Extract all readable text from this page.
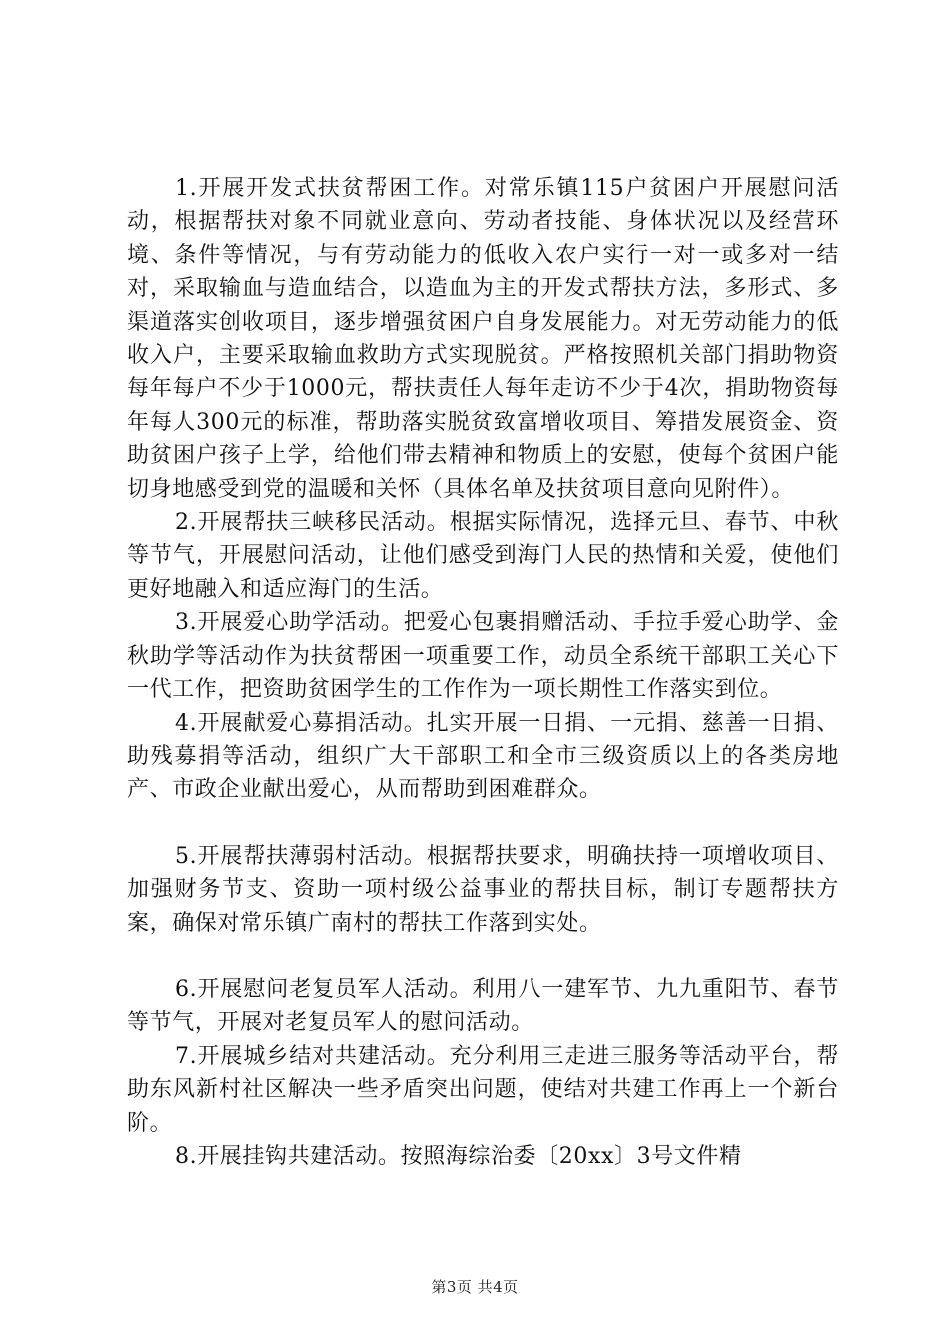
1.开展开发式扶贫帮困工作。对常乐镇115户贫困户开展慰问活动，根据帮扶对象不同就业意向、劳动者技能、身体状况以及经营环境、条件等情况，与有劳动能力的低收入农户实行一对一或多对一结对，采取输血与造血结合，以造血为主的开发式帮扶方法，多形式、多渠道落实创收项目，逐步增强贫困户自身发展能力。对无劳动能力的低收入户，主要采取输血救助方式实现脱贫。严格按照机关部门捐助物资每年每户不少于1000元，帮扶责任人每年走访不少于4次，捐助物资每年每人300元的标准，帮助落实脱贫致富增收项目、筹措发展资金、资助贫困户孩子上学，给他们带去精神和物质上的安慰，使每个贫困户能切身地感受到党的温暖和关怀（具体名单及扶贫项目意向见附件）。

2.开展帮扶三峡移民活动。根据实际情况，选择元旦、春节、中秋等节气，开展慰问活动，让他们感受到海门人民的热情和关爱，使他们更好地融入和适应海门的生活。

3.开展爱心助学活动。把爱心包裹捐赠活动、手拉手爱心助学、金秋助学等活动作为扶贫帮困一项重要工作，动员全系统干部职工关心下一代工作，把资助贫困学生的工作作为一项长期性工作落实到位。

4.开展献爱心募捐活动。扎实开展一日捐、一元捐、慈善一日捐、助残募捐等活动，组织广大干部职工和全市三级资质以上的各类房地产、市政企业献出爱心，从而帮助到困难群众。

5.开展帮扶薄弱村活动。根据帮扶要求，明确扶持一项增收项目、加强财务节支、资助一项村级公益事业的帮扶目标，制订专题帮扶方案，确保对常乐镇广南村的帮扶工作落到实处。

6.开展慰问老复员军人活动。利用八一建军节、九九重阳节、春节等节气，开展对老复员军人的慰问活动。

7.开展城乡结对共建活动。充分利用三走进三服务等活动平台，帮助东风新村社区解决一些矛盾突出问题，使结对共建工作再上一个新台阶。

8.开展挂钩共建活动。按照海综治委〔20xx〕3号文件精

第3页 共4页
